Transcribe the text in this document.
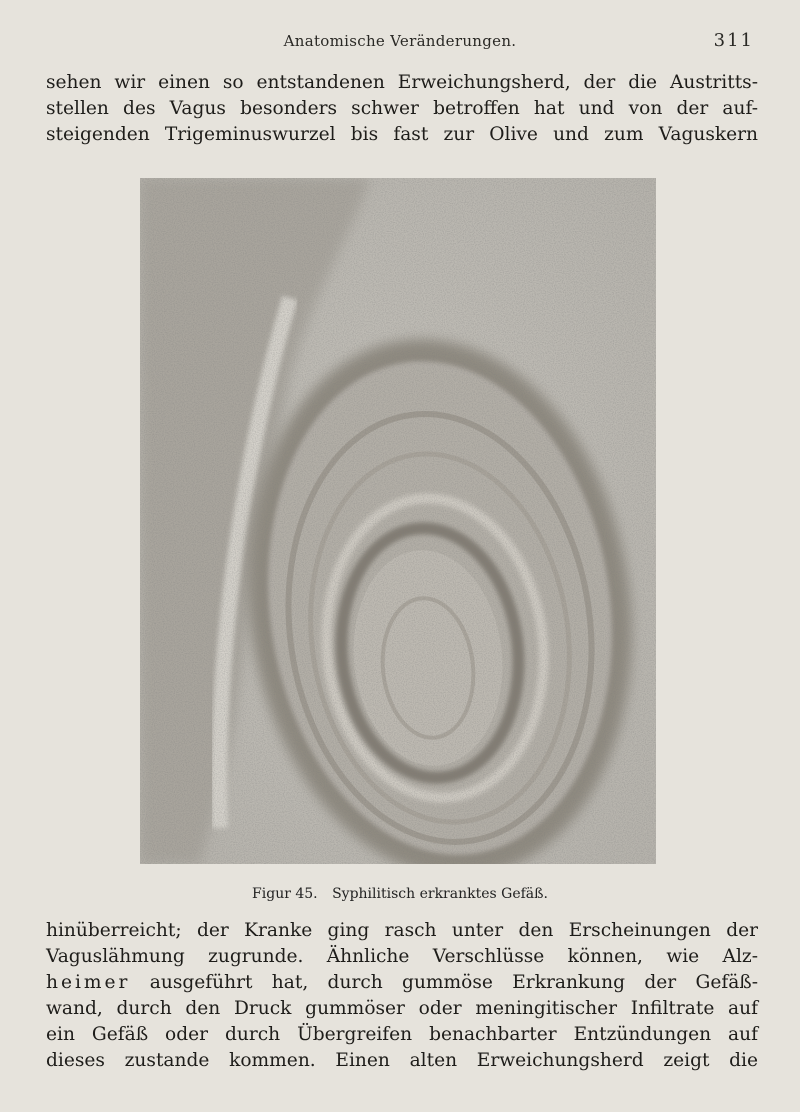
Anatomische Veränderungen.	311
sehen wir einen so entstandenen Erweichungsherd, der die Austritts-
stellen des Vagus besonders schwer betroffen hat und von der auf-
steigenden Trigeminuswurzel bis fast zur Olive und zum Vaguskern
Figur 45. Syphilitisch erkranktes Gefäß.
hinüberreicht; der Kranke ging rasch unter den Erscheinungen der
Vaguslähmung zugrunde. Ähnliche Verschlüsse können, wie Alz-
heimer ausgeführt hat, durch gummöse Erkrankung der Gefäß-
wand, durch den Druck gummöser oder meningitischer Infiltrate auf
ein Gefäß oder durch Übergreifen benachbarter Entzündungen auf
dieses zustande kommen. Einen alten Erweichungsherd zeigt die
